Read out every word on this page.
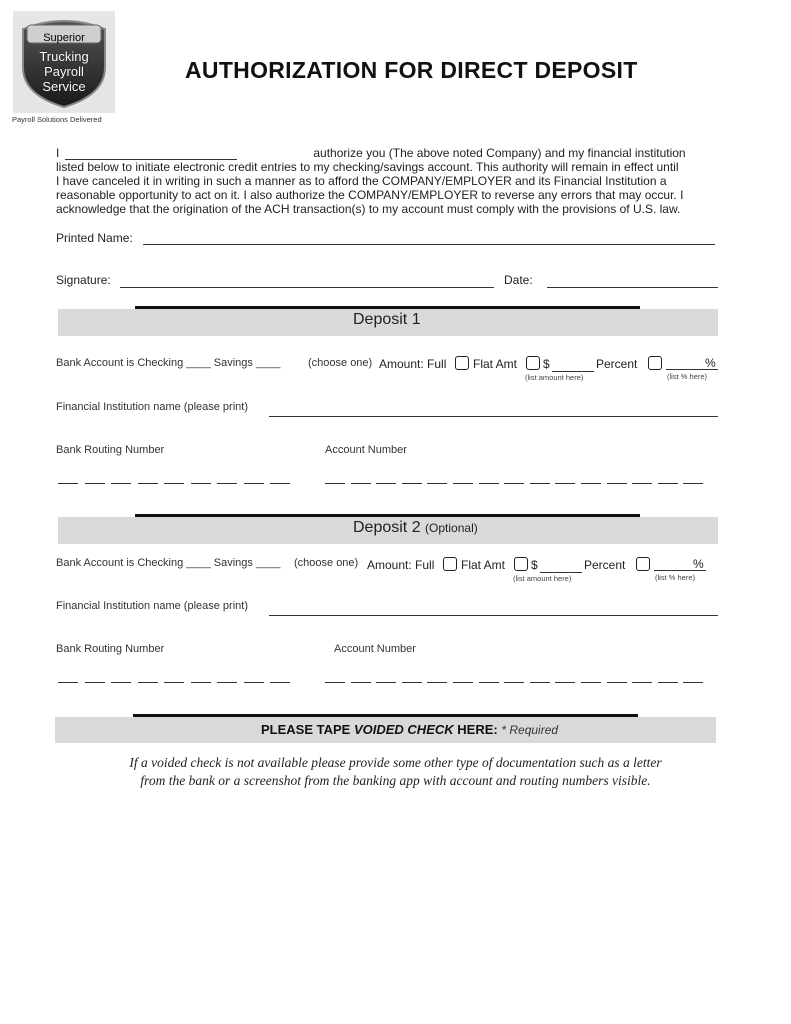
Superior
Trucking
Payroll
Service
Payroll Solutions Delivered
AUTHORIZATION FOR DIRECT DEPOSIT
I	authorize you (The above noted Company) and my financial institution
listed below to initiate electronic credit entries to my checking/savings account. This authority will remain in effect until
I have canceled it in writing in such a manner as to afford the COMPANY/EMPLOYER and its Financial Institution a
reasonable opportunity to act on it. I also authorize the COMPANY/EMPLOYER to reverse any errors that may occur. I
acknowledge that the origination of the ACH transaction(s) to my account must comply with the provisions of U.S. law.
Printed Name:
Signature:	Date:
Deposit 1
Bank Account is Checking ____ Savings ____	(choose one) Amount: Full Flat Amt $	Percent	%
(list amount here)	(list % here)
Financial Institution name (please print)
Bank Routing Number	Account Number
Deposit 2 (Optional)
Bank Account is Checking ____ Savings ____ (choose one) Amount: Full Flat Amt $	Percent	%
(list amount here)	(list % here)
Financial Institution name (please print)
Bank Routing Number	Account Number
PLEASE TAPE VOIDED CHECK HERE: * Required
If a voided check is not available please provide some other type of documentation such as a letter
from the bank or a screenshot from the banking app with account and routing numbers visible.
